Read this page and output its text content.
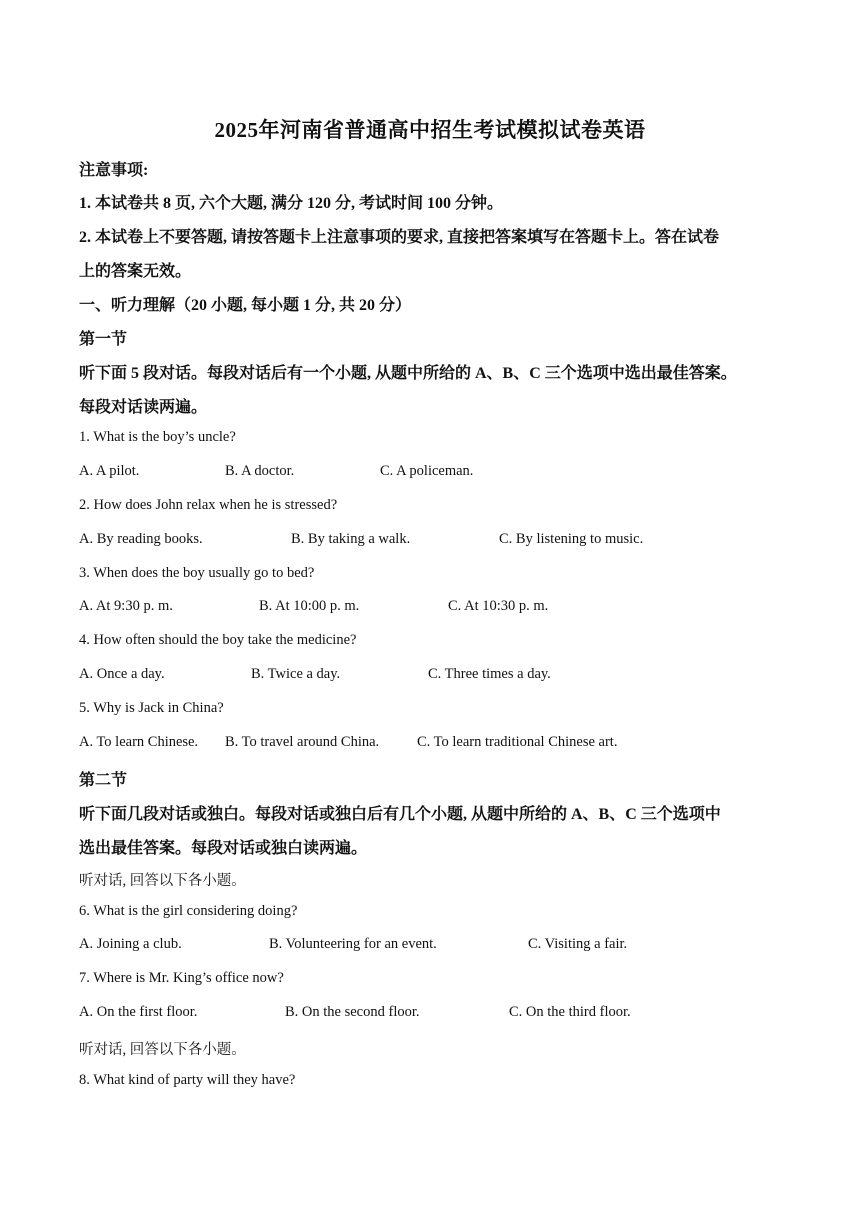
2025年河南省普通高中招生考试模拟试卷英语
注意事项:
1. 本试卷共 8 页, 六个大题, 满分 120 分, 考试时间 100 分钟。
2. 本试卷上不要答题, 请按答题卡上注意事项的要求, 直接把答案填写在答题卡上。答在试卷
上的答案无效。
一、听力理解（20 小题, 每小题 1 分, 共 20 分）
第一节
听下面 5 段对话。每段对话后有一个小题, 从题中所给的 A、B、C 三个选项中选出最佳答案。
每段对话读两遍。
1. What is the boy’s uncle?
A. A pilot.	B. A doctor.	C. A policeman.
2. How does John relax when he is stressed?
A. By reading books.	B. By taking a walk.	C. By listening to music.
3. When does the boy usually go to bed?
A. At 9:30 p. m.	B. At 10:00 p. m.	C. At 10:30 p. m.
4. How often should the boy take the medicine?
A. Once a day.	B. Twice a day.	C. Three times a day.
5. Why is Jack in China?
A. To learn Chinese. B. To travel around China.	C. To learn traditional Chinese art.
第二节
听下面几段对话或独白。每段对话或独白后有几个小题, 从题中所给的 A、B、C 三个选项中
选出最佳答案。每段对话或独白读两遍。
听对话, 回答以下各小题。
6. What is the girl considering doing?
A. Joining a club.	B. Volunteering for an event.	C. Visiting a fair.
7. Where is Mr. King’s office now?
A. On the first floor.	B. On the second floor.	C. On the third floor.
听对话, 回答以下各小题。
8. What kind of party will they have?
